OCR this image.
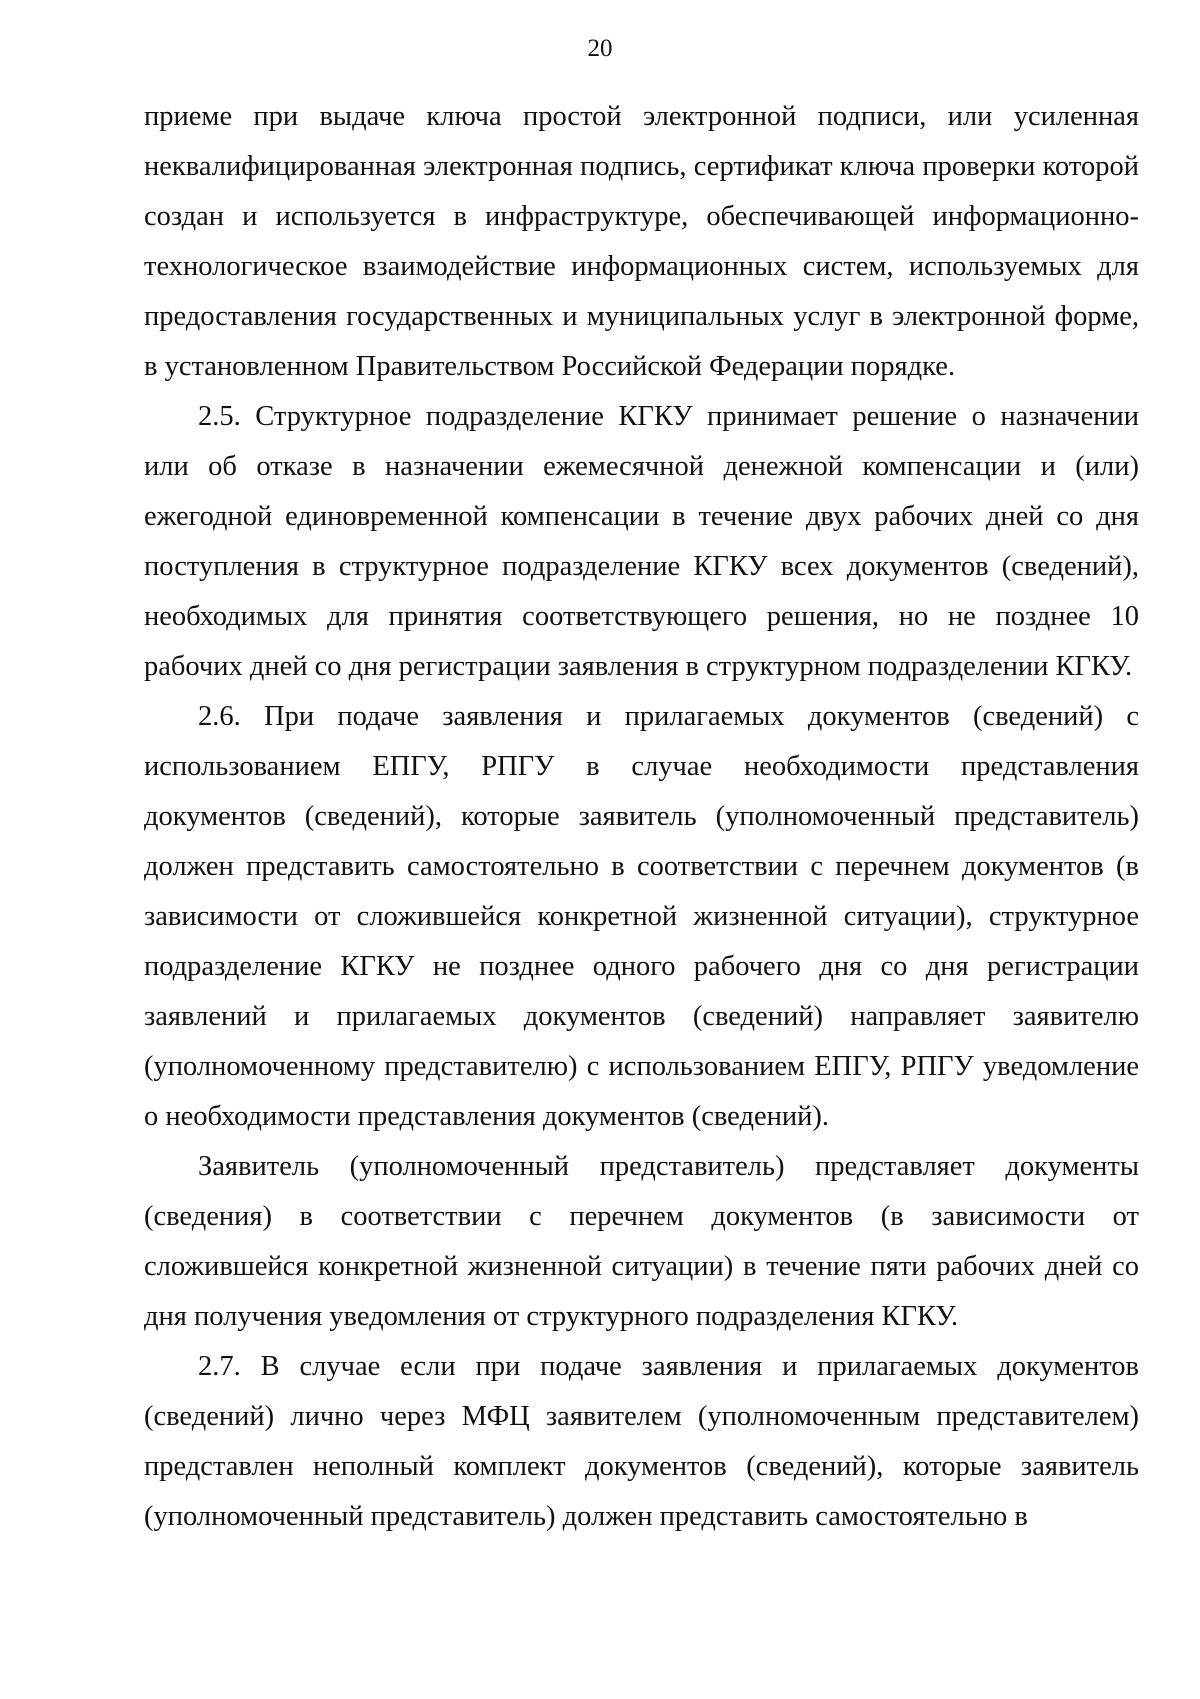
20

приеме при выдаче ключа простой электронной подписи, или усиленная неквалифицированная электронная подпись, сертификат ключа проверки которой создан и используется в инфраструктуре, обеспечивающей информационно-технологическое взаимодействие информационных систем, используемых для предоставления государственных и муниципальных услуг в электронной форме, в установленном Правительством Российской Федерации порядке.

2.5. Структурное подразделение КГКУ принимает решение о назначении или об отказе в назначении ежемесячной денежной компенсации и (или) ежегодной единовременной компенсации в течение двух рабочих дней со дня поступления в структурное подразделение КГКУ всех документов (сведений), необходимых для принятия соответствующего решения, но не позднее 10 рабочих дней со дня регистрации заявления в структурном подразделении КГКУ.

2.6. При подаче заявления и прилагаемых документов (сведений) с использованием ЕПГУ, РПГУ в случае необходимости представления документов (сведений), которые заявитель (уполномоченный представитель) должен представить самостоятельно в соответствии с перечнем документов (в зависимости от сложившейся конкретной жизненной ситуации), структурное подразделение КГКУ не позднее одного рабочего дня со дня регистрации заявлений и прилагаемых документов (сведений) направляет заявителю (уполномоченному представителю) с использованием ЕПГУ, РПГУ уведомление о необходимости представления документов (сведений).

Заявитель (уполномоченный представитель) представляет документы (сведения) в соответствии с перечнем документов (в зависимости от сложившейся конкретной жизненной ситуации) в течение пяти рабочих дней со дня получения уведомления от структурного подразделения КГКУ.

2.7. В случае если при подаче заявления и прилагаемых документов (сведений) лично через МФЦ заявителем (уполномоченным представителем) представлен неполный комплект документов (сведений), которые заявитель (уполномоченный представитель) должен представить самостоятельно в
